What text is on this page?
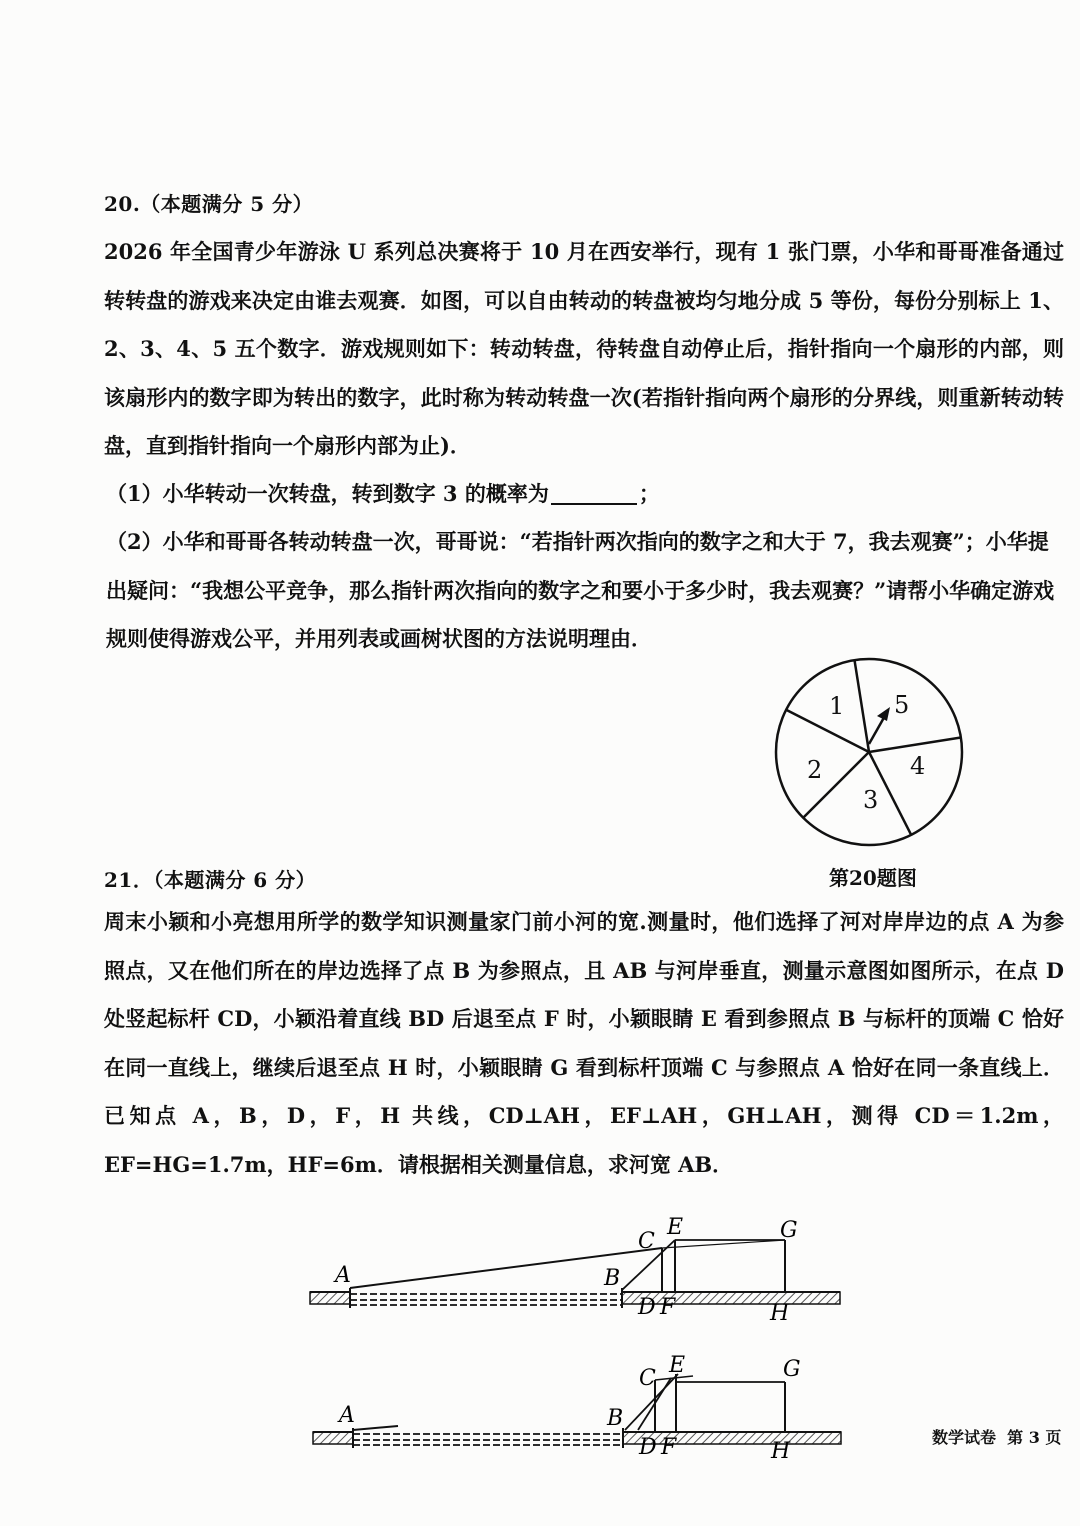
20.（本题满分 5 分）

2026 年全国青少年游泳 U 系列总决赛将于 10 月在西安举行，现有 1 张门票，小华和哥哥准备通过转转盘的游戏来决定由谁去观赛．如图，可以自由转动的转盘被均匀地分成 5 等份，每份分别标上 1、2、3、4、5 五个数字．游戏规则如下：转动转盘，待转盘自动停止后，指针指向一个扇形的内部，则该扇形内的数字即为转出的数字，此时称为转动转盘一次(若指针指向两个扇形的分界线，则重新转动转盘，直到指针指向一个扇形内部为止)．

（1）小华转动一次转盘，转到数字 3 的概率为	；

（2）小华和哥哥各转动转盘一次，哥哥说：“若指针两次指向的数字之和大于 7，我去观赛”；小华提出疑问：“我想公平竞争，那么指针两次指向的数字之和要小于多少时，我去观赛？”请帮小华确定游戏规则使得游戏公平，并用列表或画树状图的方法说明理由．

1 5
4
3
2
第20题图
21．（本题满分 6 分）

周末小颖和小亮想用所学的数学知识测量家门前小河的宽.测量时，他们选择了河对岸岸边的点 A 为参照点，又在他们所在的岸边选择了点 B 为参照点，且 AB 与河岸垂直，测量示意图如图所示，在点 D 处竖起标杆 CD，小颖沿着直线 BD 后退至点 F 时，小颖眼睛 E 看到参照点 B 与标杆的顶端 C 恰好在同一直线上，继续后退至点 H 时，小颖眼睛 G 看到标杆顶端 C 与参照点 A 恰好在同一条直线上．已知点 A，B，D，F，H 共线，CD⊥AH，EF⊥AH，GH⊥AH，测得 CD＝1.2m，EF=HG=1.7m，HF=6m．请根据相关测量信息，求河宽 AB．

A	B
C
E	G
D F	H
A	B
C
E	G
D F	H
数学试卷 第 3 页
